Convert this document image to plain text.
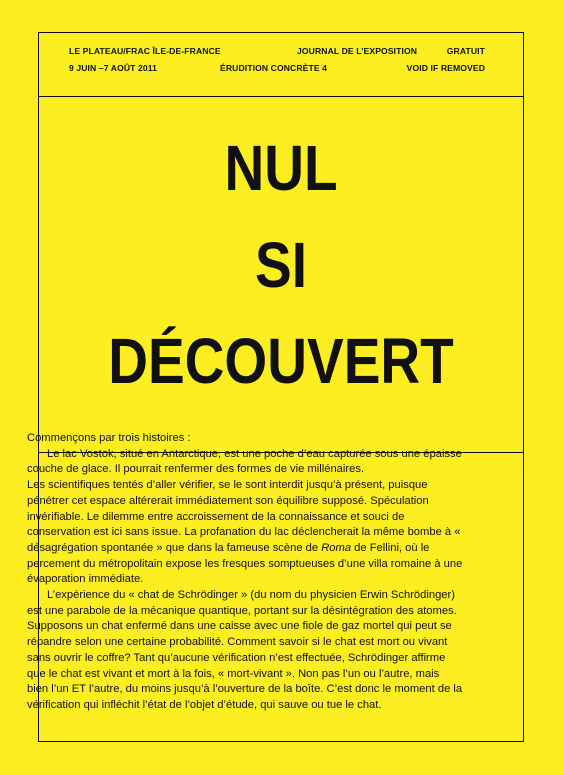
LE PLATEAU/FRAC ÎLE-DE-FRANCE
9 JUIN –7 AOÛT 2011
JOURNAL DE L’EXPOSITION
ÉRUDITION CONCRÈTE 4
GRATUIT
VOID IF REMOVED
NUL
SI
DÉCOUVERT

Commençons par trois histoires :

Le lac Vostok, situé en Antarctique, est une poche d’eau capturée sous une épaisse couche de glace. Il pourrait renfermer des formes de vie millénaires.

Les scientifiques tentés d’aller vérifier, se le sont interdit jusqu’à présent, puisque pénétrer cet espace altérerait immédiatement son équilibre supposé. Spéculation invérifiable. Le dilemme entre accroissement de la connaissance et souci de conservation est ici sans issue. La profanation du lac déclencherait la même bombe à « désagrégation spontanée » que dans la fameuse scène de Roma de Fellini, où le percement du métropolitain expose les fresques somptueuses d’une villa romaine à une évaporation immédiate.

L’expérience du « chat de Schrödinger » (du nom du physicien Erwin Schrödinger) est une parabole de la mécanique quantique, portant sur la désintégration des atomes. Supposons un chat enfermé dans une caisse avec une fiole de gaz mortel qui peut se répandre selon une certaine probabilité. Comment savoir si le chat est mort ou vivant sans ouvrir le coffre? Tant qu’aucune vérification n’est effectuée, Schrödinger affirme que le chat est vivant et mort à la fois, « mort-vivant ». Non pas l’un ou l’autre, mais bien l’un ET l’autre, du moins jusqu’à l’ouverture de la boîte. C’est donc le moment de la vérification qui infléchit l’état de l’objet d’étude, qui sauve ou tue le chat.
